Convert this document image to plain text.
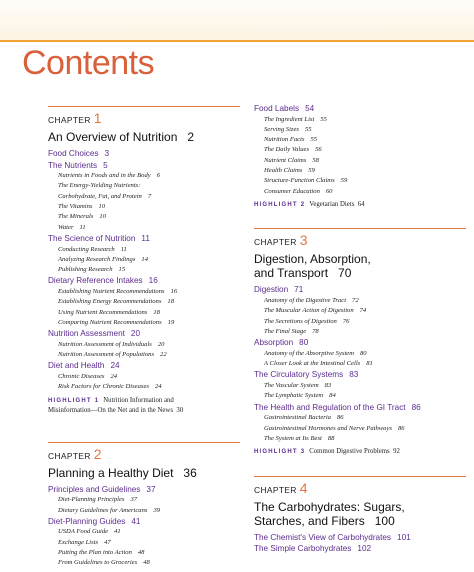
Contents
CHAPTER 1
An Overview of Nutrition 2
Food Choices 3
The Nutrients 5
Nutrients in Foods and in the Body 6
The Energy-Yielding Nutrients:
Carbohydrate, Fat, and Protein 7
The Vitamins 10
The Minerals 10
Water 11
The Science of Nutrition 11
Conducting Research 11
Analyzing Research Findings 14
Publishing Research 15
Dietary Reference Intakes 16
Establishing Nutrient Recommendations 16
Establishing Energy Recommendations 18
Using Nutrient Recommendations 18
Comparing Nutrient Recommendations 19
Nutrition Assessment 20
Nutrition Assessment of Individuals 20
Nutrition Assessment of Populations 22
Diet and Health 24
Chronic Diseases 24
Risk Factors for Chronic Diseases 24
HIGHLIGHT 1 Nutrition Information and
Misinformation—On the Net and in the News 30
CHAPTER 2
Planning a Healthy Diet 36
Principles and Guidelines 37
Diet-Planning Principles 37
Dietary Guidelines for Americans 39
Diet-Planning Guides 41
USDA Food Guide 41
Exchange Lists 47
Putting the Plan into Action 48
From Guidelines to Groceries 48
Food Labels 54
The Ingredient List 55
Serving Sizes 55
Nutrition Facts 55
The Daily Values 56
Nutrient Claims 58
Health Claims 59
Structure-Function Claims 59
Consumer Education 60
HIGHLIGHT 2 Vegetarian Diets 64
CHAPTER 3
Digestion, Absorption,
and Transport 70
Digestion 71
Anatomy of the Digestive Tract 72
The Muscular Action of Digestion 74
The Secretions of Digestion 76
The Final Stage 78
Absorption 80
Anatomy of the Absorptive System 80
A Closer Look at the Intestinal Cells 81
The Circulatory Systems 83
The Vascular System 83
The Lymphatic System 84
The Health and Regulation of the GI Tract 86
Gastrointestinal Bacteria 86
Gastrointestinal Hormones and Nerve Pathways 86
The System at Its Best 88
HIGHLIGHT 3 Common Digestive Problems 92
CHAPTER 4
The Carbohydrates: Sugars,
Starches, and Fibers 100
The Chemist's View of Carbohydrates 101
The Simple Carbohydrates 102
